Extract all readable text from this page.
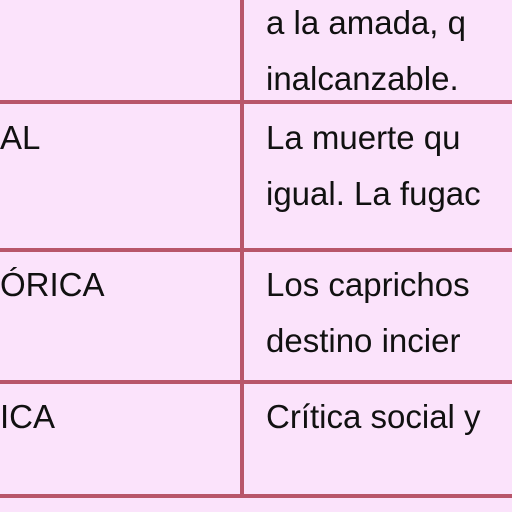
a la amada, q
inalcanzable.
AL	La muerte qu
igual. La fugac
ÓRICA	Los caprichos
destino incier
ICA	Crítica social y
